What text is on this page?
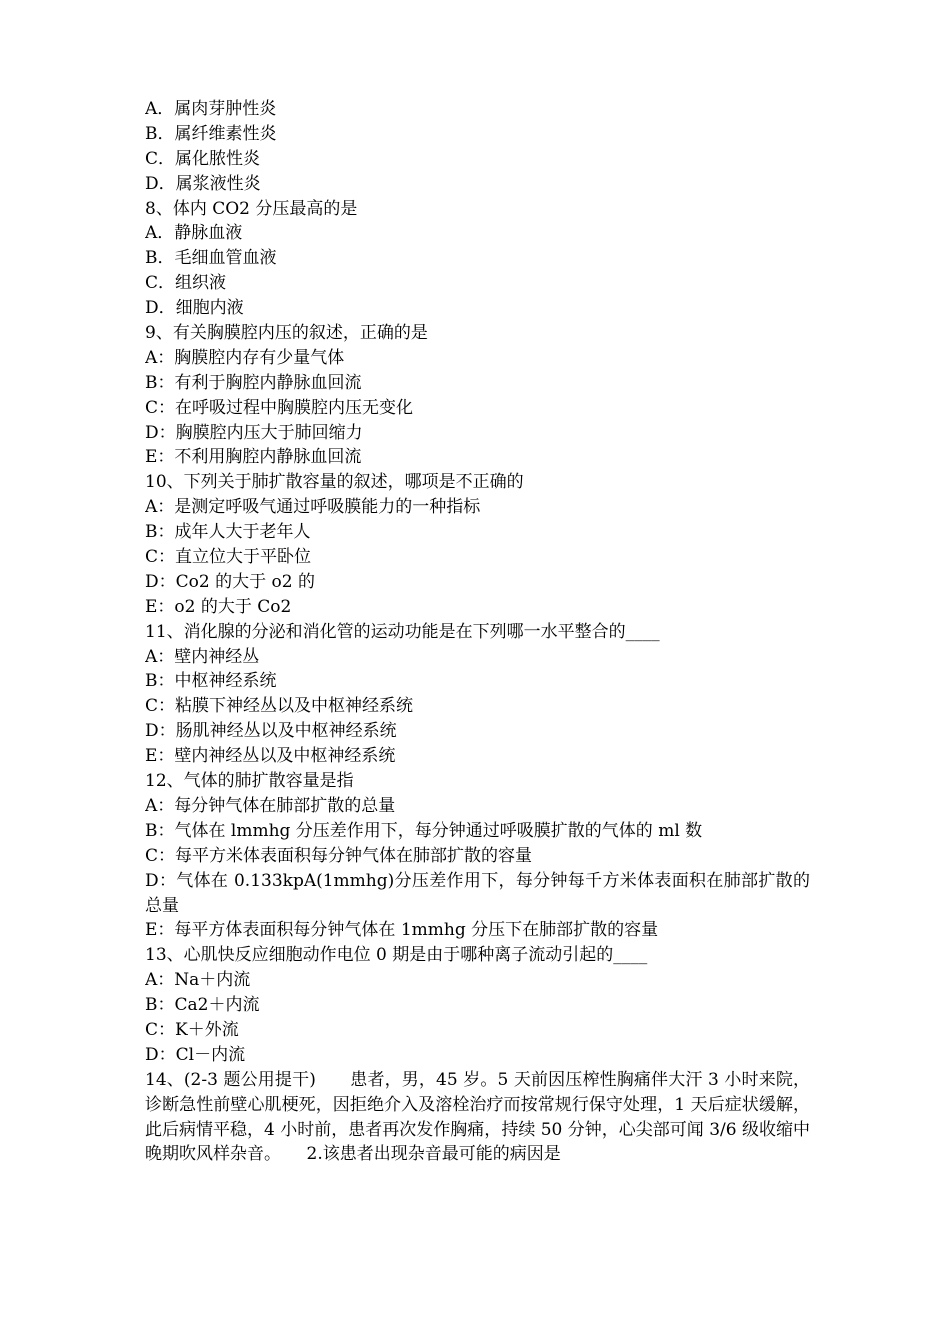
A．属肉芽肿性炎
B．属纤维素性炎
C．属化脓性炎
D．属浆液性炎
8、体内 CO2 分压最高的是
A．静脉血液
B．毛细血管血液
C．组织液
D．细胞内液
9、有关胸膜腔内压的叙述，正确的是
A：胸膜腔内存有少量气体
B：有利于胸腔内静脉血回流
C：在呼吸过程中胸膜腔内压无变化
D：胸膜腔内压大于肺回缩力
E：不利用胸腔内静脉血回流
10、下列关于肺扩散容量的叙述，哪项是不正确的
A：是测定呼吸气通过呼吸膜能力的一种指标
B：成年人大于老年人
C：直立位大于平卧位
D：Co2 的大于 o2 的
E：o2 的大于 Co2
11、消化腺的分泌和消化管的运动功能是在下列哪一水平整合的____
A：壁内神经丛
B：中枢神经系统
C：粘膜下神经丛以及中枢神经系统
D：肠肌神经丛以及中枢神经系统
E：壁内神经丛以及中枢神经系统
12、气体的肺扩散容量是指
A：每分钟气体在肺部扩散的总量
B：气体在 lmmhg 分压差作用下，每分钟通过呼吸膜扩散的气体的 ml 数
C：每平方米体表面积每分钟气体在肺部扩散的容量
D：气体在 0.133kpA(1mmhg)分压差作用下，每分钟每千方米体表面积在肺部扩散的总量
E：每平方体表面积每分钟气体在 1mmhg 分压下在肺部扩散的容量
13、心肌快反应细胞动作电位 0 期是由于哪种离子流动引起的____
A：Na＋内流
B：Ca2＋内流
C：K＋外流
D：Cl－内流
14、(2-3 题公用提干)　　患者，男，45 岁。5 天前因压榨性胸痛伴大汗 3 小时来院，诊断急性前壁心肌梗死，因拒绝介入及溶栓治疗而按常规行保守处理，1 天后症状缓解，此后病情平稳，4 小时前，患者再次发作胸痛，持续 50 分钟，心尖部可闻 3/6 级收缩中晚期吹风样杂音。　　2.该患者出现杂音最可能的病因是
